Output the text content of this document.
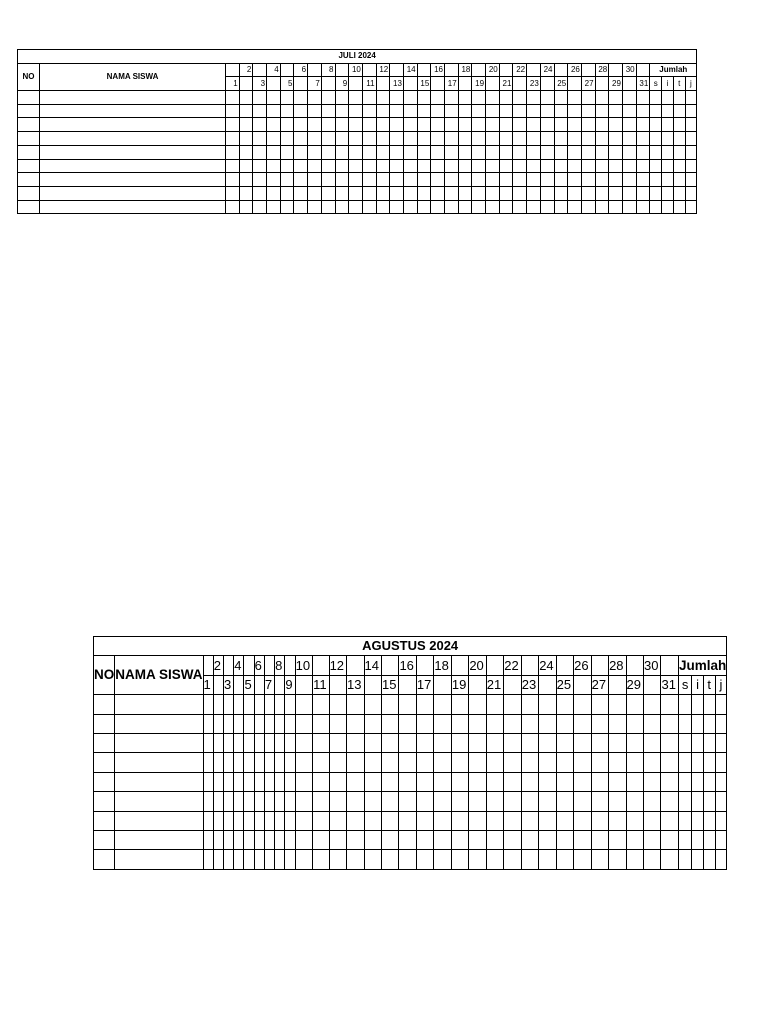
JULI 2024																																				
NO	NAMA SISWA		2		4		6		8		10		12		14		16		18		20		22		24		26		28		30		Jumlah			
		1		3		5		7		9		11		13		15		17		19		21		23		25		27		29		31	s	i	t	j

AGUSTUS 2024																																				
NO	NAMA SISWA		2		4		6		8		10		12		14		16		18		20		22		24		26		28		30		Jumlah			
		1		3		5		7		9		11		13		15		17		19		21		23		25		27		29		31	s	i	t	j
